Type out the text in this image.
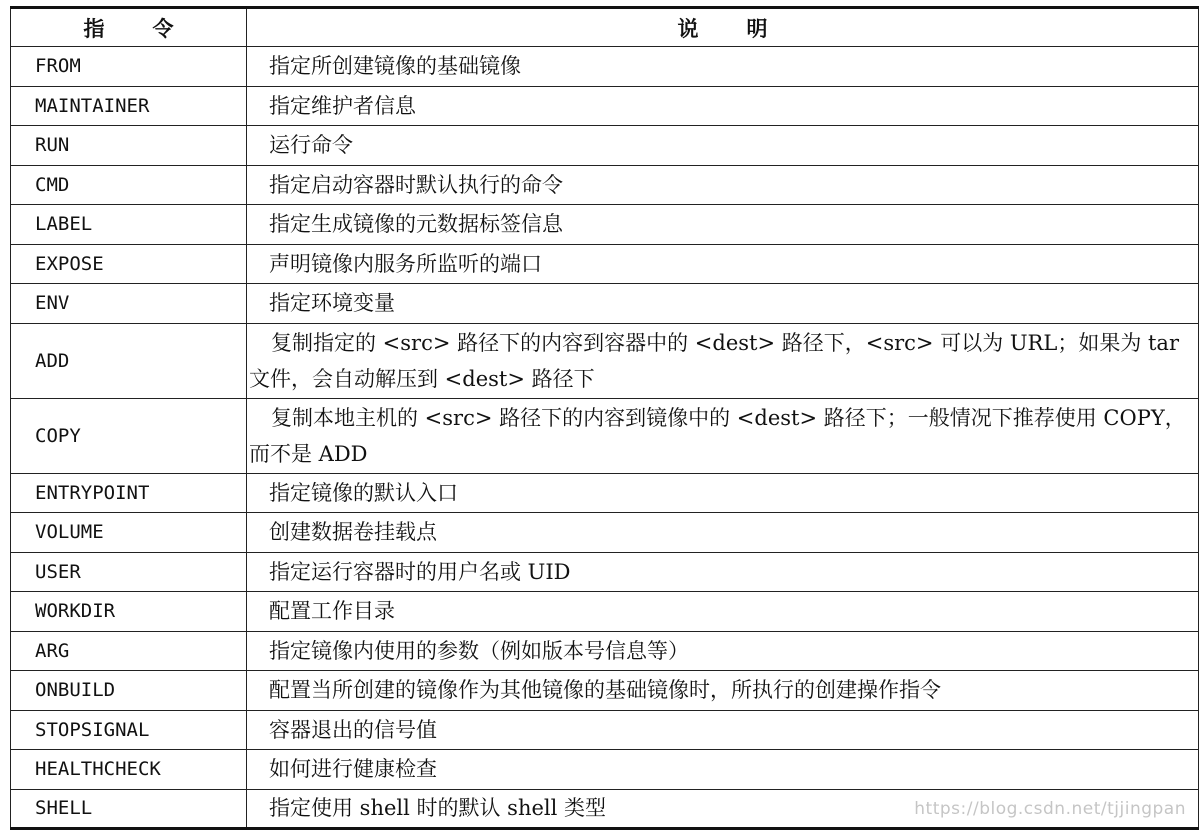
指令	说明
FROM	指定所创建镜像的基础镜像
MAINTAINER	指定维护者信息
RUN	运行命令
CMD	指定启动容器时默认执行的命令
LABEL	指定生成镜像的元数据标签信息
EXPOSE	声明镜像内服务所监听的端口
ENV	指定环境变量
ADD	复制指定的 <src> 路径下的内容到容器中的 <dest> 路径下，<src> 可以为 URL；如果为 tar 文件，会自动解压到 <dest> 路径下
COPY	复制本地主机的 <src> 路径下的内容到镜像中的 <dest> 路径下；一般情况下推荐使用 COPY，而不是 ADD
ENTRYPOINT	指定镜像的默认入口
VOLUME	创建数据卷挂载点
USER	指定运行容器时的用户名或 UID
WORKDIR	配置工作目录
ARG	指定镜像内使用的参数（例如版本号信息等）
ONBUILD	配置当所创建的镜像作为其他镜像的基础镜像时，所执行的创建操作指令
STOPSIGNAL	容器退出的信号值
HEALTHCHECK	如何进行健康检查
SHELL	指定使用 shell 时的默认 shell 类型	https://blog.csdn.net/tjjingpan
